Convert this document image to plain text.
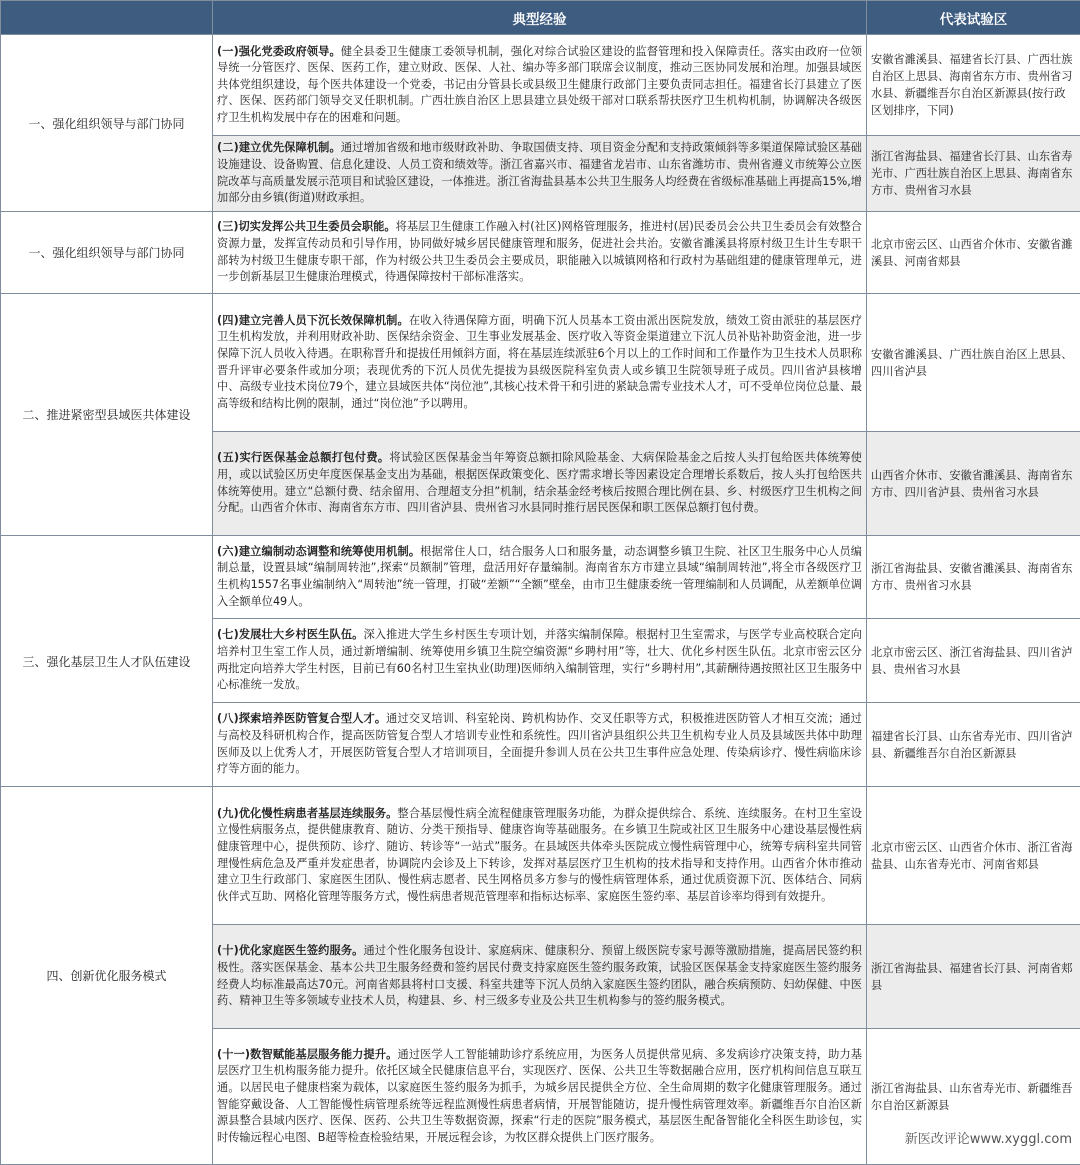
	典型经验	代表试验区
一、强化组织领导与部门协同	(一)强化党委政府领导。健全县委卫生健康工委领导机制，强化对综合试验区建设的监督管理和投入保障责任。落实由政府一位领导统一分管医疗、医保、医药工作，建立财政、医保、人社、编办等多部门联席会议制度，推动三医协同发展和治理。加强县域医共体党组织建设，每个医共体建设一个党委，书记由分管县长或县级卫生健康行政部门主要负责同志担任。福建省长汀县建立了医疗、医保、医药部门领导交叉任职机制。广西壮族自治区上思县建立县处级干部对口联系帮扶医疗卫生机构机制，协调解决各级医疗卫生机构发展中存在的困难和问题。	安徽省濉溪县、福建省长汀县、广西壮族自治区上思县、海南省东方市、贵州省习水县、新疆维吾尔自治区新源县(按行政区划排序，下同)
	(二)建立优先保障机制。通过增加省级和地市级财政补助、争取国债支持、项目资金分配和支持政策倾斜等多渠道保障试验区基础设施建设、设备购置、信息化建设、人员工资和绩效等。浙江省嘉兴市、福建省龙岩市、山东省潍坊市、贵州省遵义市统筹公立医院改革与高质量发展示范项目和试验区建设，一体推进。浙江省海盐县基本公共卫生服务人均经费在省级标准基础上再提高15%,增加部分由乡镇(街道)财政承担。	浙江省海盐县、福建省长汀县、山东省寿光市、广西壮族自治区上思县、海南省东方市、贵州省习水县
一、强化组织领导与部门协同	(三)切实发挥公共卫生委员会职能。将基层卫生健康工作融入村(社区)网格管理服务，推进村(居)民委员会公共卫生委员会有效整合资源力量，发挥宣传动员和引导作用，协同做好城乡居民健康管理和服务，促进社会共治。安徽省濉溪县将原村级卫生计生专职干部转为村级卫生健康专职干部，作为村级公共卫生委员会主要成员，职能融入以城镇网格和行政村为基础组建的健康管理单元，进一步创新基层卫生健康治理模式，待遇保障按村干部标准落实。	北京市密云区、山西省介休市、安徽省濉溪县、河南省郏县
二、推进紧密型县域医共体建设	(四)建立完善人员下沉长效保障机制。在收入待遇保障方面，明确下沉人员基本工资由派出医院发放，绩效工资由派驻的基层医疗卫生机构发放，并利用财政补助、医保结余资金、卫生事业发展基金、医疗收入等资金渠道建立下沉人员补贴补助资金池，进一步保障下沉人员收入待遇。在职称晋升和提拔任用倾斜方面，将在基层连续派驻6个月以上的工作时间和工作量作为卫生技术人员职称晋升评审必要条件或加分项；表现优秀的下沉人员优先提拔为县级医院科室负责人或乡镇卫生院领导班子成员。四川省泸县核增中、高级专业技术岗位79个，建立县域医共体“岗位池”,其核心技术骨干和引进的紧缺急需专业技术人才，可不受单位岗位总量、最高等级和结构比例的限制，通过“岗位池”予以聘用。	安徽省濉溪县、广西壮族自治区上思县、四川省泸县
	(五)实行医保基金总额打包付费。将试验区医保基金当年筹资总额扣除风险基金、大病保险基金之后按人头打包给医共体统筹使用，或以试验区历史年度医保基金支出为基础，根据医保政策变化、医疗需求增长等因素设定合理增长系数后，按人头打包给医共体统筹使用。建立“总额付费、结余留用、合理超支分担”机制，结余基金经考核后按照合理比例在县、乡、村级医疗卫生机构之间分配。山西省介休市、海南省东方市、四川省泸县、贵州省习水县同时推行居民医保和职工医保总额打包付费。	山西省介休市、安徽省濉溪县、海南省东方市、四川省泸县、贵州省习水县
三、强化基层卫生人才队伍建设	(六)建立编制动态调整和统筹使用机制。根据常住人口，结合服务人口和服务量，动态调整乡镇卫生院、社区卫生服务中心人员编制总量，设置县域“编制周转池”,探索“员额制”管理，盘活用好存量编制。海南省东方市建立县域“编制周转池”,将全市各级医疗卫生机构1557名事业编制纳入“周转池”统一管理，打破“差额”“全额”壁垒，由市卫生健康委统一管理编制和人员调配，从差额单位调入全额单位49人。	浙江省海盐县、安徽省濉溪县、海南省东方市、贵州省习水县
	(七)发展壮大乡村医生队伍。深入推进大学生乡村医生专项计划，并落实编制保障。根据村卫生室需求，与医学专业高校联合定向培养村卫生室工作人员，通过新增编制、统筹使用乡镇卫生院空编资源“乡聘村用”等，壮大、优化乡村医生队伍。北京市密云区分两批定向培养大学生村医，目前已有60名村卫生室执业(助理)医师纳入编制管理，实行“乡聘村用”,其薪酬待遇按照社区卫生服务中心标准统一发放。	北京市密云区、浙江省海盐县、四川省泸县、贵州省习水县
	(八)探索培养医防管复合型人才。通过交叉培训、科室轮岗、跨机构协作、交叉任职等方式，积极推进医防管人才相互交流；通过与高校及科研机构合作，提高医防管复合型人才培训专业性和系统性。四川省泸县组织公共卫生机构专业人员及县域医共体中助理医师及以上优秀人才，开展医防管复合型人才培训项目，全面提升参训人员在公共卫生事件应急处理、传染病诊疗、慢性病临床诊疗等方面的能力。	福建省长汀县、山东省寿光市、四川省泸县、新疆维吾尔自治区新源县
四、创新优化服务模式	(九)优化慢性病患者基层连续服务。整合基层慢性病全流程健康管理服务功能，为群众提供综合、系统、连续服务。在村卫生室设立慢性病服务点，提供健康教育、随访、分类干预指导、健康咨询等基础服务。在乡镇卫生院或社区卫生服务中心建设基层慢性病健康管理中心，提供预防、诊疗、随访、转诊等“一站式”服务。在县域医共体牵头医院成立慢性病管理中心，统筹专病科室共同管理慢性病危急及严重并发症患者，协调院内会诊及上下转诊，发挥对基层医疗卫生机构的技术指导和支持作用。山西省介休市推动建立卫生行政部门、家庭医生团队、慢性病志愿者、民生网格员多方参与的慢性病管理体系，通过优质资源下沉、医体结合、同病伙伴式互助、网格化管理等服务方式，慢性病患者规范管理率和指标达标率、家庭医生签约率、基层首诊率均得到有效提升。	北京市密云区、山西省介休市、浙江省海盐县、山东省寿光市、河南省郏县
	(十)优化家庭医生签约服务。通过个性化服务包设计、家庭病床、健康积分、预留上级医院专家号源等激励措施，提高居民签约积极性。落实医保基金、基本公共卫生服务经费和签约居民付费支持家庭医生签约服务政策，试验区医保基金支持家庭医生签约服务经费人均标准最高达70元。河南省郏县将村口支援、科室共建等下沉人员纳入家庭医生签约团队，融合疾病预防、妇幼保健、中医药、精神卫生等多领域专业技术人员，构建县、乡、村三级多专业及公共卫生机构参与的签约服务模式。	浙江省海盐县、福建省长汀县、河南省郏县
	(十一)数智赋能基层服务能力提升。通过医学人工智能辅助诊疗系统应用，为医务人员提供常见病、多发病诊疗决策支持，助力基层医疗卫生机构服务能力提升。依托区域全民健康信息平台，实现医疗、医保、公共卫生等数据融合应用，医疗机构间信息互联互通。以居民电子健康档案为载体，以家庭医生签约服务为抓手，为城乡居民提供全方位、全生命周期的数字化健康管理服务。通过智能穿戴设备、人工智能慢性病管理系统等远程监测慢性病患者病情，开展智能随访，提升慢性病管理效率。新疆维吾尔自治区新源县整合县域内医疗、医保、医药、公共卫生等数据资源，探索“行走的医院”服务模式，基层医生配备智能化全科医生助诊包，实时传输远程心电图、B超等检查检验结果，开展远程会诊，为牧区群众提供上门医疗服务。	浙江省海盐县、山东省寿光市、新疆维吾尔自治区新源县
新医改评论www.xyggl.com
